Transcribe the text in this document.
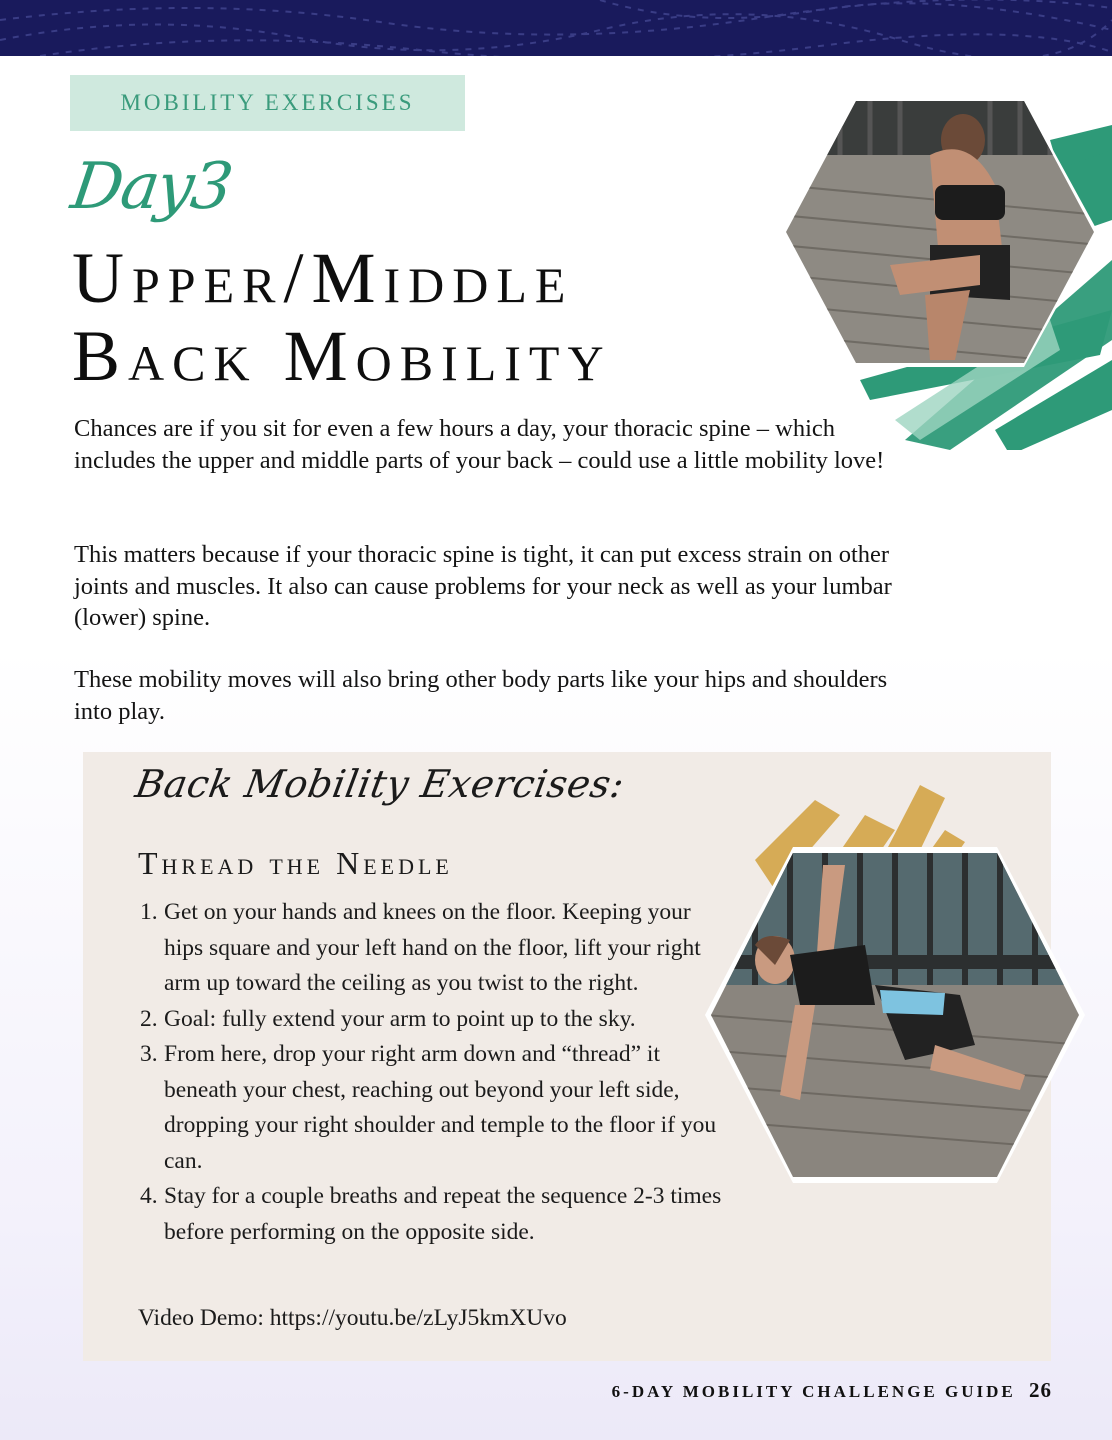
MOBILITY EXERCISES
Day3
Upper/Middle
Back Mobility

Chances are if you sit for even a few hours a day, your thoracic spine – which includes the upper and middle parts of your back – could use a little mobility love!

This matters because if your thoracic spine is tight, it can put excess strain on other joints and muscles. It also can cause problems for your neck as well as your lumbar (lower) spine.

These mobility moves will also bring other body parts like your hips and shoulders into play.

Back Mobility Exercises:
Thread the Needle
1. Get on your hands and knees on the floor. Keeping your hips square and your left hand on the floor, lift your right arm up toward the ceiling as you twist to the right.
2. Goal: fully extend your arm to point up to the sky.
3. From here, drop your right arm down and “thread” it beneath your chest, reaching out beyond your left side, dropping your right shoulder and temple to the floor if you can.
4. Stay for a couple breaths and repeat the sequence 2-3 times before performing on the opposite side.
Video Demo: https://youtu.be/zLyJ5kmXUvo
6-DAY MOBILITY CHALLENGE GUIDE 26
